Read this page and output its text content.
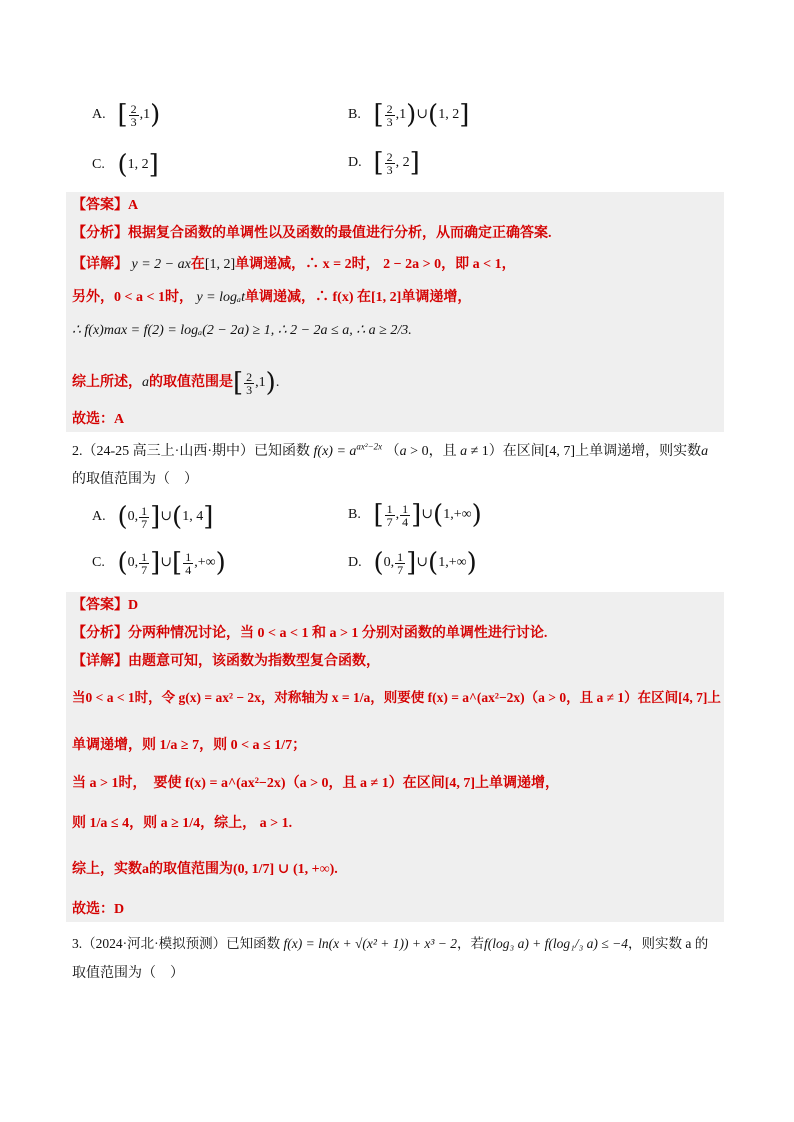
A. [ $\frac{2}{3} ,1$)	B. [ $\frac{2}{3}$ ,1)∪(1, 2]
C. (1, 2]	D. [ $\frac{2}{3}$ , 2]
【答案】A
【分析】根据复合函数的单调性以及函数的最值进行分析，从而确定正确答案.
【详解】 y = 2 − ax在[1, 2]单调递减，∴ x = 2时， 2 − 2a > 0，即 a < 1，
另外，0 < a < 1时， y = logₐt单调递减，∴ f(x) 在[1, 2]单调递增，
∴ f(x)max = f(2) = logₐ(2 − 2a) ≥ 1, ∴ 2 − 2a ≤ a, ∴ a ≥ 2/3.
综上所述，a的取值范围是[ $\frac{2}{3} ,1$).
故选：A
2.（24-25 高三上·山西·期中）已知函数 $f(x) = a^{ax^2-2x}$ （a > 0，且 a ≠ 1）在区间[4, 7]上单调递增，则实数a
的取值范围为（　）
A. (0, $\frac{1}{7}$ ]∪(1, 4]	B. [ $\frac{1}{7}$ , $\frac{1}{4}$ ]∪(1,+∞)
C. (0, $\frac{1}{7}$ ]∪[ $\frac{1}{4}$ ,+∞)	D. (0, $\frac{1}{7}$ ]∪(1,+∞)
【答案】D
【分析】分两种情况讨论，当 0 < a < 1 和 a > 1 分别对函数的单调性进行讨论.
【详解】由题意可知，该函数为指数型复合函数，
当0 < a < 1时，令 g(x) = ax² − 2x，对称轴为 x = 1/a，则要使 f(x) = a^(ax²−2x)（a > 0，且 a ≠ 1）在区间[4, 7]上
单调递增，则 1/a ≥ 7，则 0 < a ≤ 1/7；
当 a > 1时，　要使 f(x) = a^(ax²−2x)（a > 0，且 a ≠ 1）在区间[4, 7]上单调递增，
则 1/a ≤ 4，则 a ≥ 1/4，综上， a > 1.
综上，实数a的取值范围为(0, 1/7] ∪ (1, +∞).
故选：D
3.（2024·河北·模拟预测）已知函数 f(x) = ln(x + √(x² + 1)) + x³ − 2，若f(log₃ a) + f(log₁/₃ a) ≤ −4，则实数 a 的
取值范围为（　）
